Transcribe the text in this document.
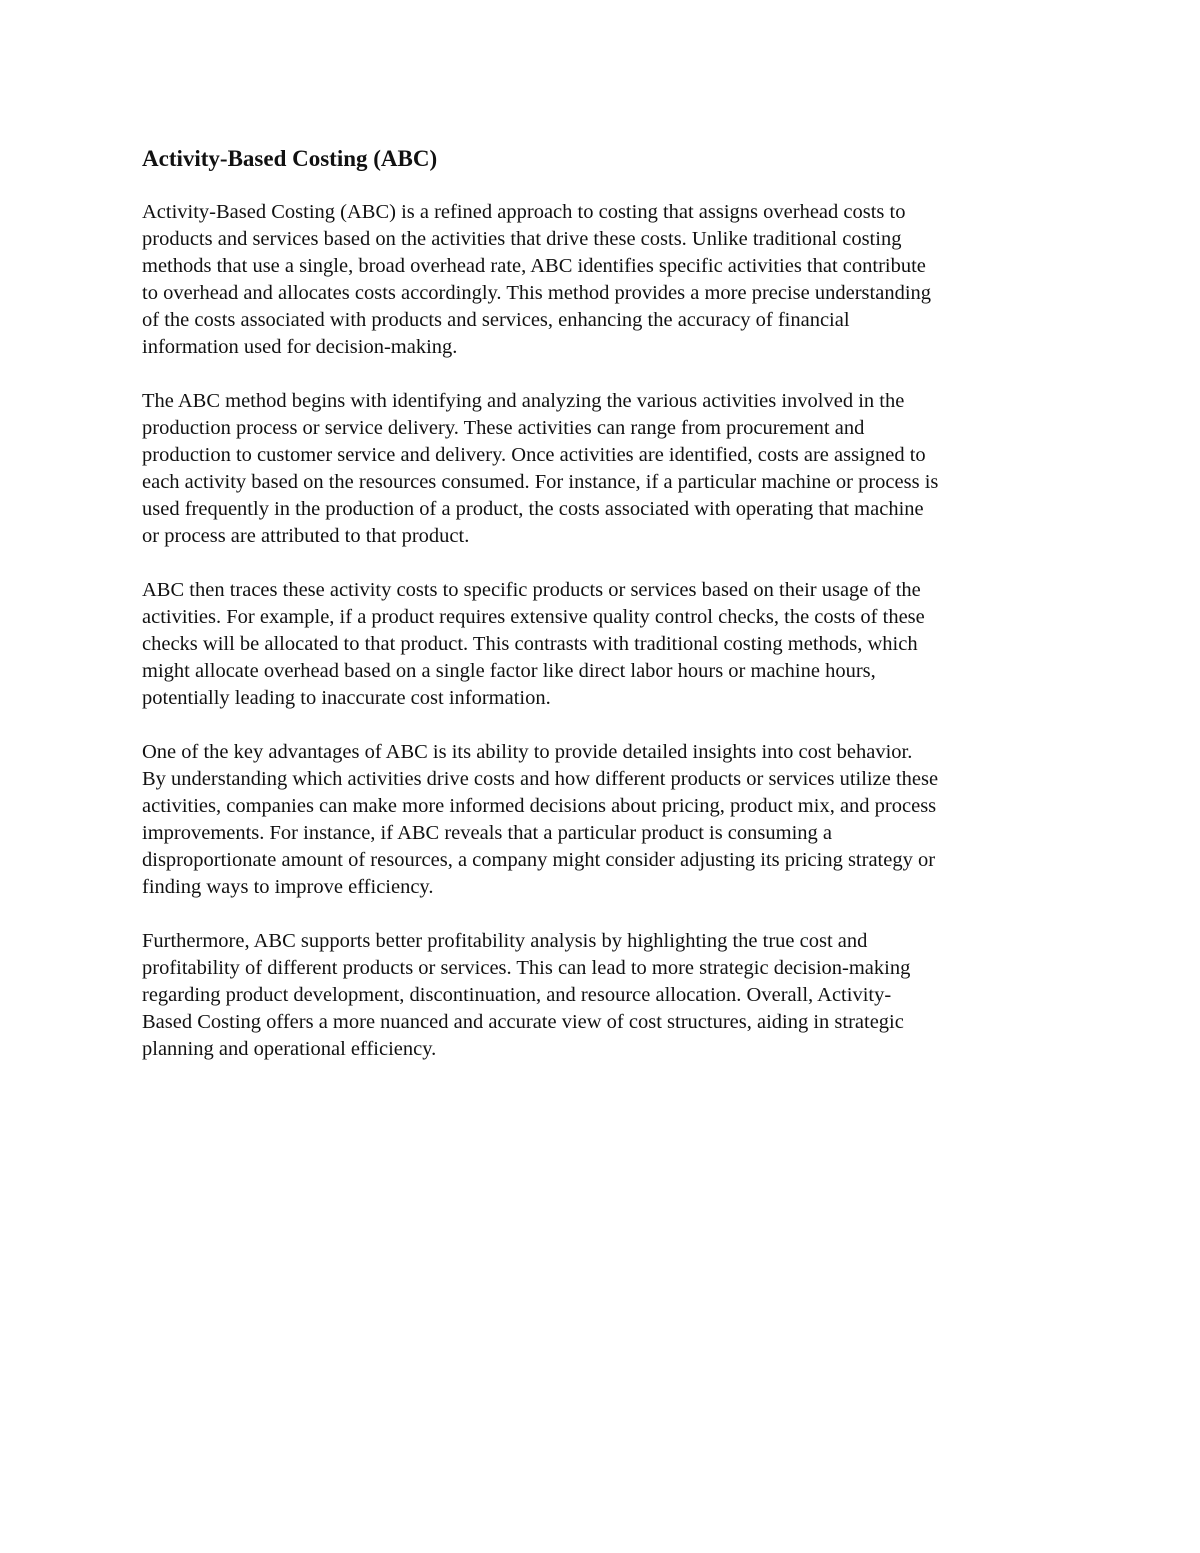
Activity-Based Costing (ABC)

Activity-Based Costing (ABC) is a refined approach to costing that assigns overhead costs to
products and services based on the activities that drive these costs. Unlike traditional costing
methods that use a single, broad overhead rate, ABC identifies specific activities that contribute
to overhead and allocates costs accordingly. This method provides a more precise understanding
of the costs associated with products and services, enhancing the accuracy of financial
information used for decision-making.

The ABC method begins with identifying and analyzing the various activities involved in the
production process or service delivery. These activities can range from procurement and
production to customer service and delivery. Once activities are identified, costs are assigned to
each activity based on the resources consumed. For instance, if a particular machine or process is
used frequently in the production of a product, the costs associated with operating that machine
or process are attributed to that product.

ABC then traces these activity costs to specific products or services based on their usage of the
activities. For example, if a product requires extensive quality control checks, the costs of these
checks will be allocated to that product. This contrasts with traditional costing methods, which
might allocate overhead based on a single factor like direct labor hours or machine hours,
potentially leading to inaccurate cost information.

One of the key advantages of ABC is its ability to provide detailed insights into cost behavior.
By understanding which activities drive costs and how different products or services utilize these
activities, companies can make more informed decisions about pricing, product mix, and process
improvements. For instance, if ABC reveals that a particular product is consuming a
disproportionate amount of resources, a company might consider adjusting its pricing strategy or
finding ways to improve efficiency.

Furthermore, ABC supports better profitability analysis by highlighting the true cost and
profitability of different products or services. This can lead to more strategic decision-making
regarding product development, discontinuation, and resource allocation. Overall, Activity-
Based Costing offers a more nuanced and accurate view of cost structures, aiding in strategic
planning and operational efficiency.
